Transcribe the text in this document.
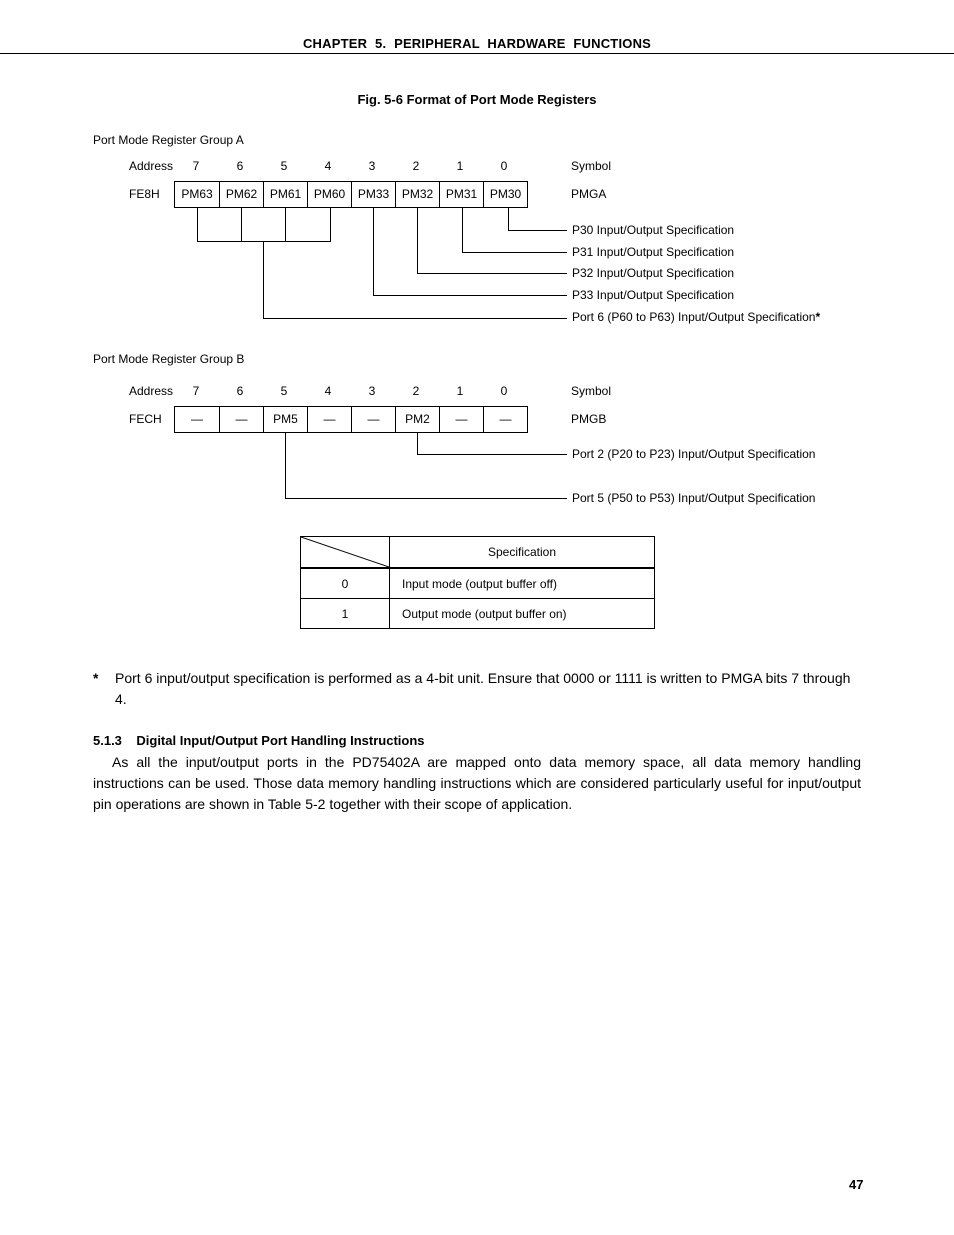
CHAPTER 5. PERIPHERAL HARDWARE FUNCTIONS
Fig. 5-6 Format of Port Mode Registers
Port Mode Register Group A
Address	7	6	5	4	3	2	1	0	Symbol
FE8H	PM63	PM62	PM61	PM60	PM33	PM32	PM31	PM30	PMGA
P30 Input/Output Specification
P31 Input/Output Specification
P32 Input/Output Specification
P33 Input/Output Specification
Port 6 (P60 to P63) Input/Output Specification*
Port Mode Register Group B
Address	7	6	5	4	3	2	1	0	Symbol
FECH	—	—	PM5	—	—	PM2	—	—	PMGB
Port 2 (P20 to P23) Input/Output Specification
Port 5 (P50 to P53) Input/Output Specification
	Specification
0	Input mode (output buffer off)
1	Output mode (output buffer on)
*	Port 6 input/output specification is performed as a 4-bit unit. Ensure that 0000 or 1111 is written to PMGA bits 7 through 4.
5.1.3 Digital Input/Output Port Handling Instructions
As all the input/output ports in the PD75402A are mapped onto data memory space, all data memory handling instructions can be used. Those data memory handling instructions which are considered particularly useful for input/output pin operations are shown in Table 5-2 together with their scope of application.
47
